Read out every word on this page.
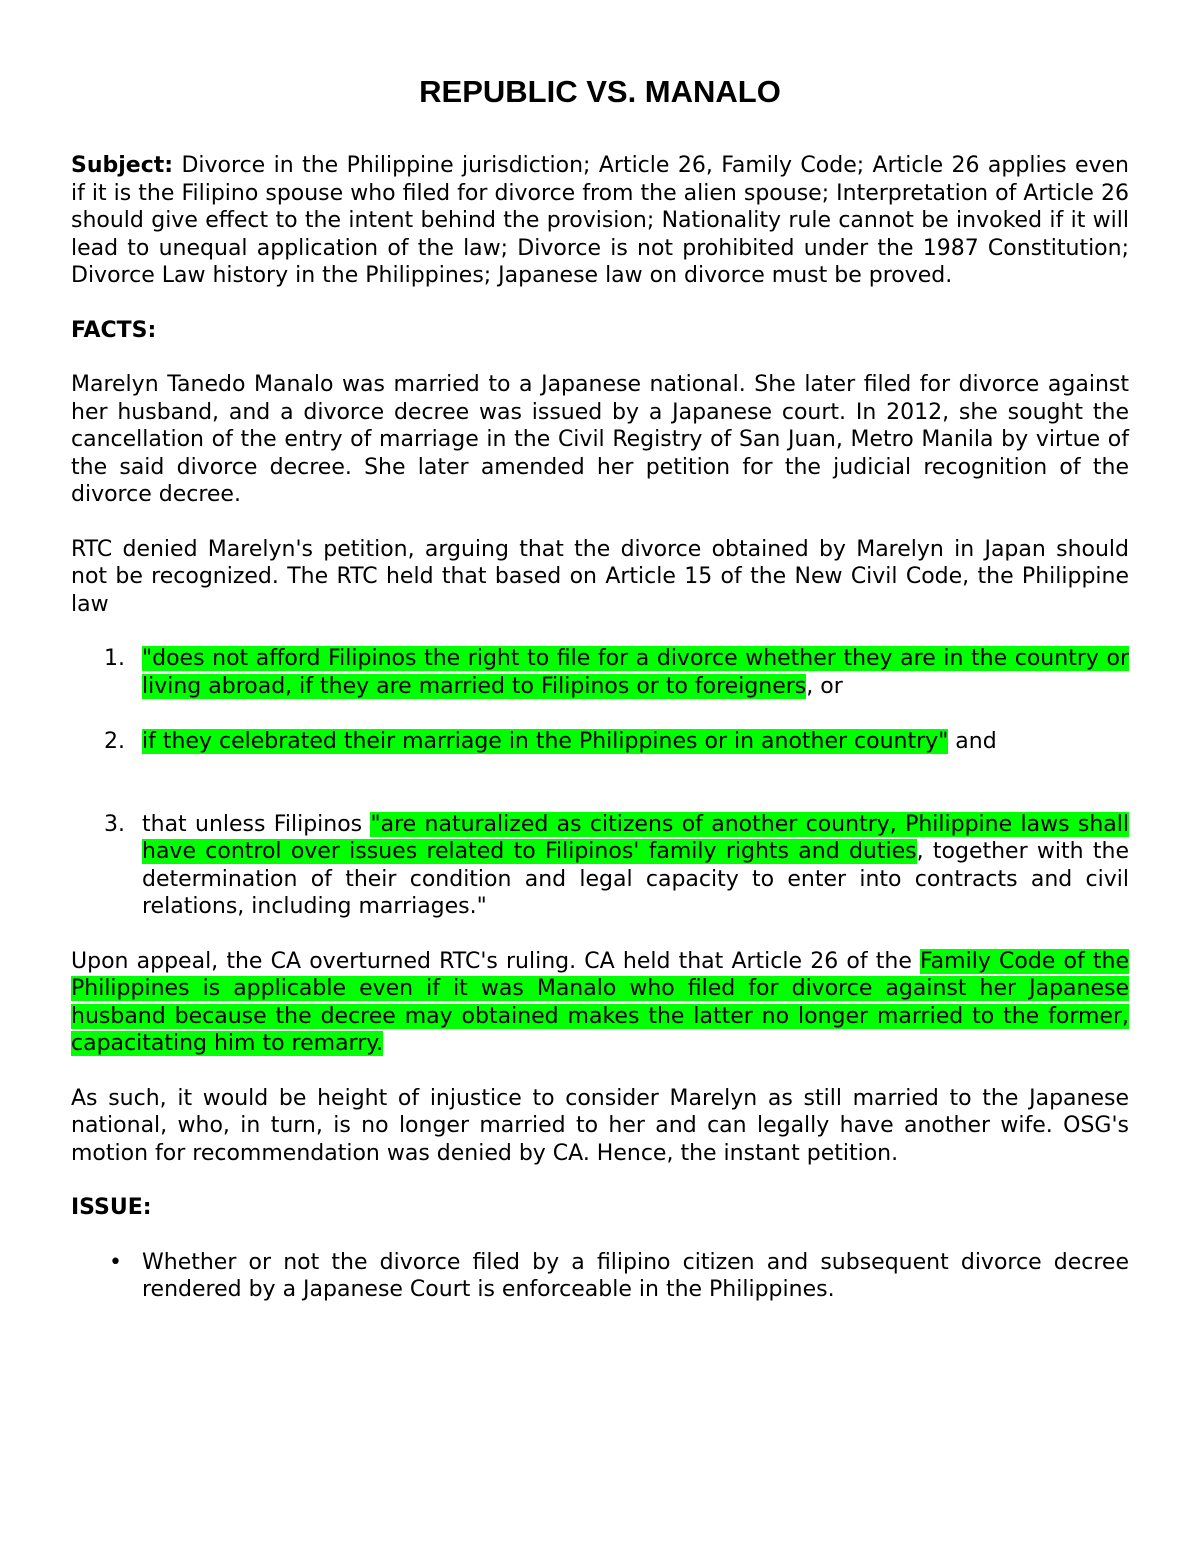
REPUBLIC VS. MANALO

Subject: Divorce in the Philippine jurisdiction; Article 26, Family Code; Article 26 applies even if it is the Filipino spouse who filed for divorce from the alien spouse; Interpretation of Article 26 should give effect to the intent behind the provision; Nationality rule cannot be invoked if it will lead to unequal application of the law; Divorce is not prohibited under the 1987 Constitution; Divorce Law history in the Philippines; Japanese law on divorce must be proved.

FACTS:

Marelyn Tanedo Manalo was married to a Japanese national. She later filed for divorce against her husband, and a divorce decree was issued by a Japanese court. In 2012, she sought the cancellation of the entry of marriage in the Civil Registry of San Juan, Metro Manila by virtue of the said divorce decree. She later amended her petition for the judicial recognition of the divorce decree.

RTC denied Marelyn's petition, arguing that the divorce obtained by Marelyn in Japan should not be recognized. The RTC held that based on Article 15 of the New Civil Code, the Philippine law

1. "does not afford Filipinos the right to file for a divorce whether they are in the country or living abroad, if they are married to Filipinos or to foreigners, or
2. if they celebrated their marriage in the Philippines or in another country" and
3. that unless Filipinos "are naturalized as citizens of another country, Philippine laws shall have control over issues related to Filipinos' family rights and duties, together with the determination of their condition and legal capacity to enter into contracts and civil relations, including marriages."

Upon appeal, the CA overturned RTC's ruling. CA held that Article 26 of the Family Code of the Philippines is applicable even if it was Manalo who filed for divorce against her Japanese husband because the decree may obtained makes the latter no longer married to the former, capacitating him to remarry.

As such, it would be height of injustice to consider Marelyn as still married to the Japanese national, who, in turn, is no longer married to her and can legally have another wife. OSG's motion for recommendation was denied by CA. Hence, the instant petition.

ISSUE:

• Whether or not the divorce filed by a filipino citizen and subsequent divorce decree rendered by a Japanese Court is enforceable in the Philippines.
